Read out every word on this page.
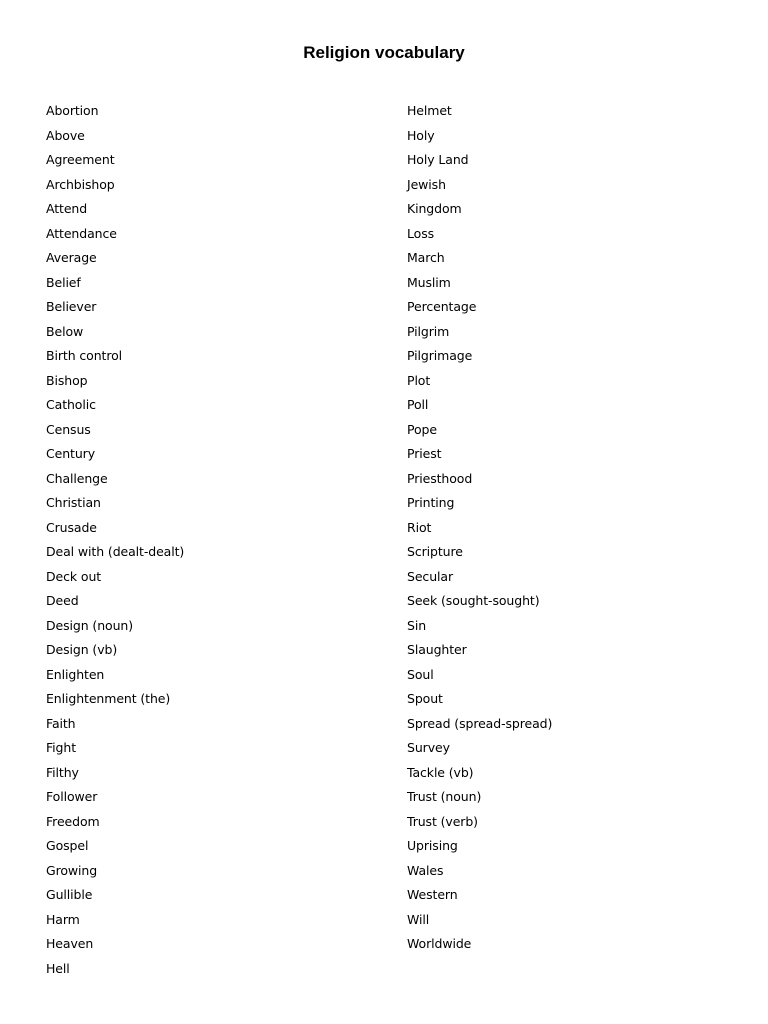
Religion vocabulary
Abortion
Above
Agreement
Archbishop
Attend
Attendance
Average
Belief
Believer
Below
Birth control
Bishop
Catholic
Census
Century
Challenge
Christian
Crusade
Deal with (dealt-dealt)
Deck out
Deed
Design (noun)
Design (vb)
Enlighten
Enlightenment (the)
Faith
Fight
Filthy
Follower
Freedom
Gospel
Growing
Gullible
Harm
Heaven
Hell
Helmet
Holy
Holy Land
Jewish
Kingdom
Loss
March
Muslim
Percentage
Pilgrim
Pilgrimage
Plot
Poll
Pope
Priest
Priesthood
Printing
Riot
Scripture
Secular
Seek (sought-sought)
Sin
Slaughter
Soul
Spout
Spread (spread-spread)
Survey
Tackle (vb)
Trust (noun)
Trust (verb)
Uprising
Wales
Western
Will
Worldwide
